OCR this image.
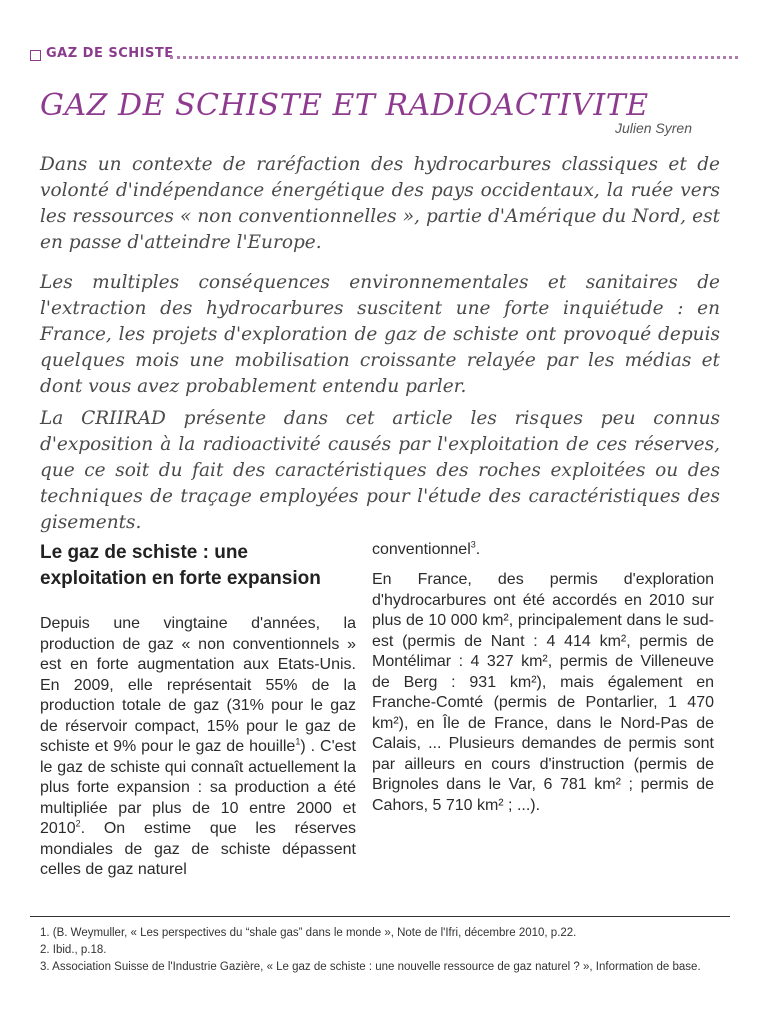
GAZ DE SCHISTE
GAZ DE SCHISTE ET RADIOACTIVITE
Julien Syren

Dans un contexte de raréfaction des hydrocarbures classiques et de volonté d'indépendance énergétique des pays occidentaux, la ruée vers les ressources « non conventionnelles », partie d'Amérique du Nord, est en passe d'atteindre l'Europe.

Les multiples conséquences environnementales et sanitaires de l'extraction des hydrocarbures suscitent une forte inquiétude : en France, les projets d'exploration de gaz de schiste ont provoqué depuis quelques mois une mobilisation croissante relayée par les médias et dont vous avez probablement entendu parler.

La CRIIRAD présente dans cet article les risques peu connus d'exposition à la radioactivité causés par l'exploitation de ces réserves, que ce soit du fait des caractéristiques des roches exploitées ou des techniques de traçage employées pour l'étude des caractéristiques des gisements.

Le gaz de schiste : une exploitation en forte expansion

Depuis une vingtaine d'années, la production de gaz « non conventionnels » est en forte augmentation aux Etats-Unis. En 2009, elle représentait 55% de la production totale de gaz (31% pour le gaz de réservoir compact, 15% pour le gaz de schiste et 9% pour le gaz de houille$^1$) . C'est le gaz de schiste qui connaît actuellement la plus forte expansion : sa production a été multipliée par plus de 10 entre 2000 et 2010$^2$. On estime que les réserves mondiales de gaz de schiste dépassent celles de gaz naturel

conventionnel$^3$.

En France, des permis d'exploration d'hydrocarbures ont été accordés en 2010 sur plus de 10 000 km², principalement dans le sud-est (permis de Nant : 4 414 km², permis de Montélimar : 4 327 km², permis de Villeneuve de Berg : 931 km²), mais également en Franche-Comté (permis de Pontarlier, 1 470 km²), en Île de France, dans le Nord-Pas de Calais, ... Plusieurs demandes de permis sont par ailleurs en cours d'instruction (permis de Brignoles dans le Var, 6 781 km² ; permis de Cahors, 5 710 km² ; ...).

1. (B. Weymuller, « Les perspectives du “shale gas” dans le monde », Note de l'Ifri, décembre 2010, p.22.
2. Ibid., p.18.
3. Association Suisse de l'Industrie Gazière, « Le gaz de schiste : une nouvelle ressource de gaz naturel ? », Information de base.
